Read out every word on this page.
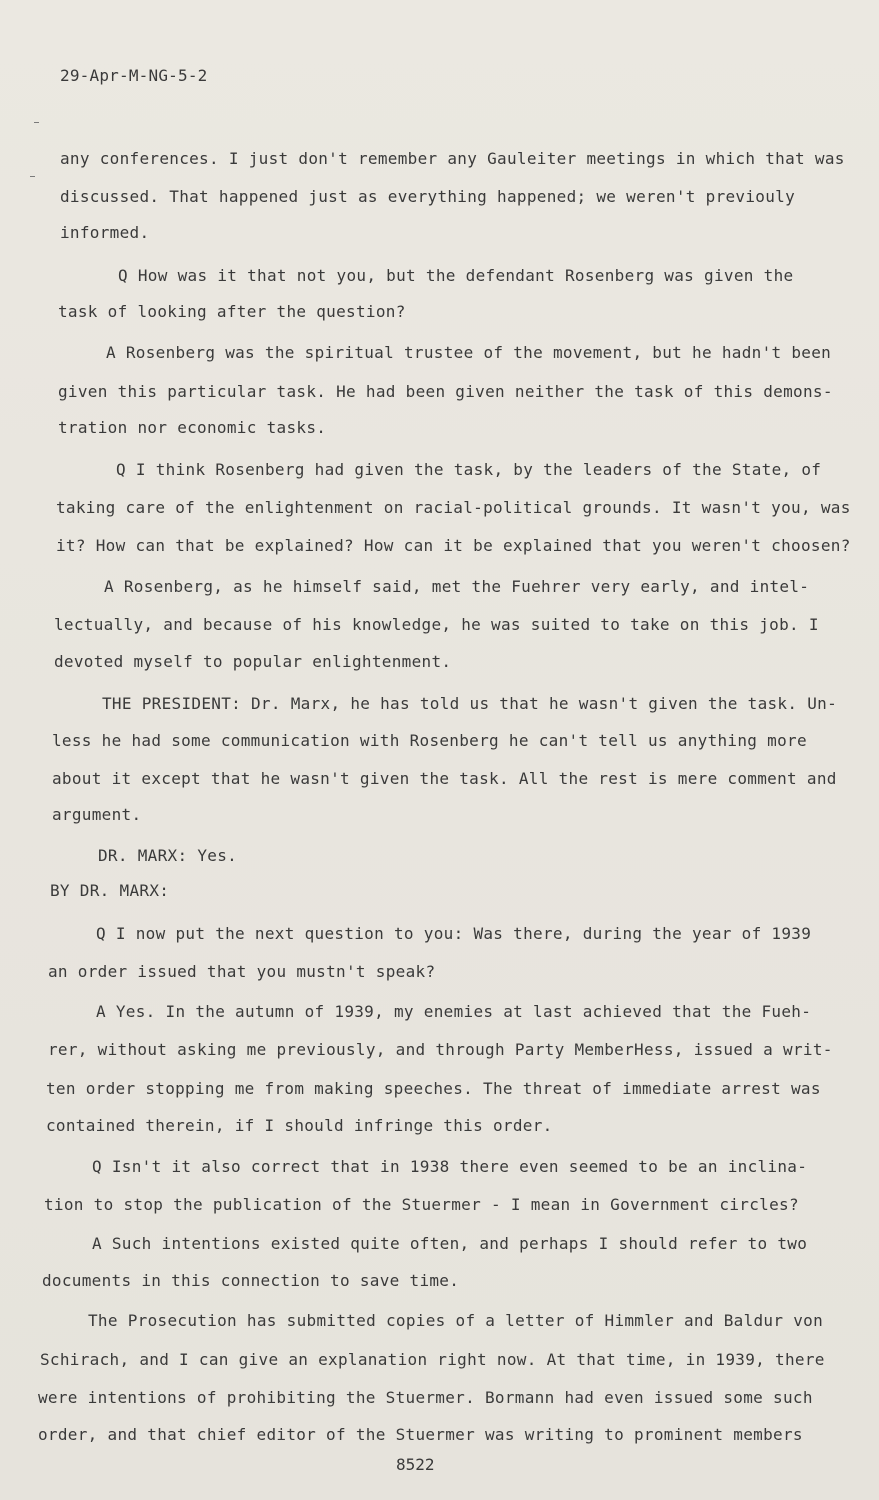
29-Apr-M-NG-5-2
any conferences. I just don't remember any Gauleiter meetings in which that was
discussed. That happened just as everything happened; we weren't previouly
informed.
Q How was it that not you, but the defendant Rosenberg was given the
task of looking after the question?
A Rosenberg was the spiritual trustee of the movement, but he hadn't been
given this particular task. He had been given neither the task of this demons-
tration nor economic tasks.
Q I think Rosenberg had given the task, by the leaders of the State, of
taking care of the enlightenment on racial-political grounds. It wasn't you, was
it? How can that be explained? How can it be explained that you weren't choosen?
A Rosenberg, as he himself said, met the Fuehrer very early, and intel-
lectually, and because of his knowledge, he was suited to take on this job. I
devoted myself to popular enlightenment.
THE PRESIDENT: Dr. Marx, he has told us that he wasn't given the task. Un-
less he had some communication with Rosenberg he can't tell us anything more
about it except that he wasn't given the task. All the rest is mere comment and
argument.
DR. MARX: Yes.
BY DR. MARX:
Q I now put the next question to you: Was there, during the year of 1939
an order issued that you mustn't speak?
A Yes. In the autumn of 1939, my enemies at last achieved that the Fueh-
rer, without asking me previously, and through Party MemberHess, issued a writ-
ten order stopping me from making speeches. The threat of immediate arrest was
contained therein, if I should infringe this order.
Q Isn't it also correct that in 1938 there even seemed to be an inclina-
tion to stop the publication of the Stuermer - I mean in Government circles?
A Such intentions existed quite often, and perhaps I should refer to two
documents in this connection to save time.
The Prosecution has submitted copies of a letter of Himmler and Baldur von
Schirach, and I can give an explanation right now. At that time, in 1939, there
were intentions of prohibiting the Stuermer. Bormann had even issued some such
order, and that chief editor of the Stuermer was writing to prominent members
8522
